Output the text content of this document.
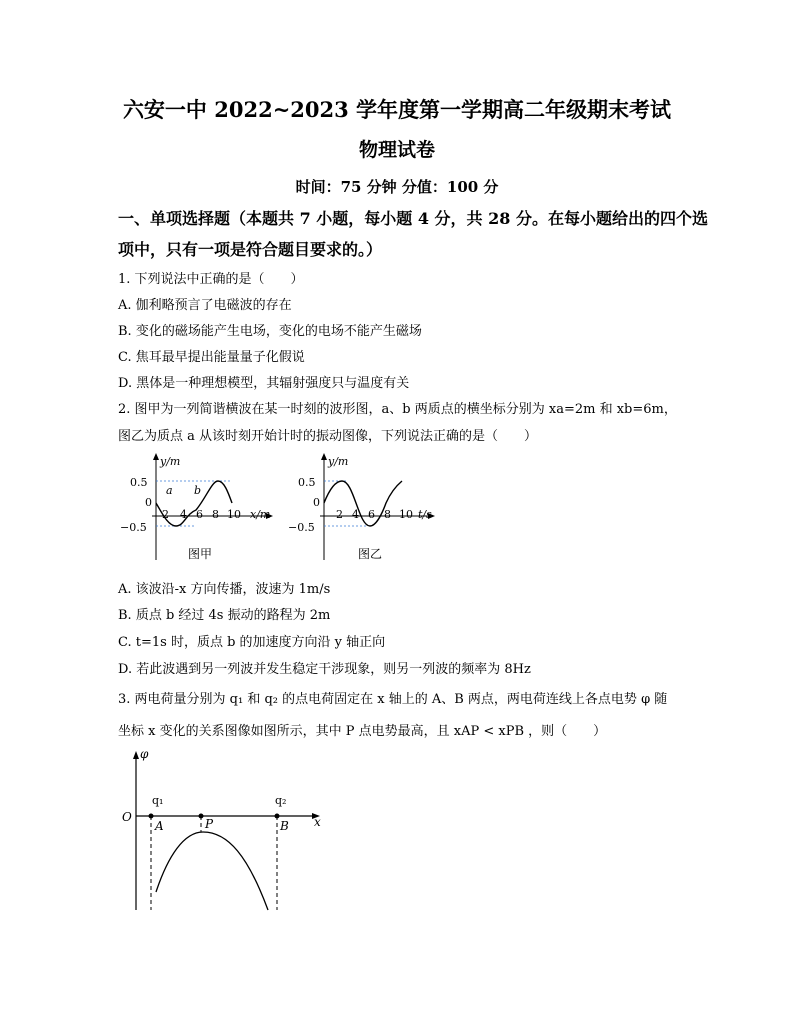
六安一中 2022~2023 学年度第一学期高二年级期末考试
物理试卷
时间：75 分钟 分值：100 分
一、单项选择题（本题共 7 小题，每小题 4 分，共 28 分。在每小题给出的四个选
项中，只有一项是符合题目要求的。）
1. 下列说法中正确的是（　　）
A. 伽利略预言了电磁波的存在
B. 变化的磁场能产生电场，变化的电场不能产生磁场
C. 焦耳最早提出能量量子化假说
D. 黑体是一种理想模型，其辐射强度只与温度有关
2. 图甲为一列简谐横波在某一时刻的波形图，a、b 两质点的横坐标分别为 xa=2m 和 xb=6m，
图乙为质点 a 从该时刻开始计时的振动图像，下列说法正确的是（　　）
y/m
x/m
0.5
0
−0.5
2 4 6 8 10
a b
图甲
y/m
t/s
0.5
0
−0.5
2 4 6 8 10
图乙
A. 该波沿-x 方向传播，波速为 1m/s
B. 质点 b 经过 4s 振动的路程为 2m
C. t=1s 时，质点 b 的加速度方向沿 y 轴正向
D. 若此波遇到另一列波并发生稳定干涉现象，则另一列波的频率为 8Hz
3. 两电荷量分别为 q₁ 和 q₂ 的点电荷固定在 x 轴上的 A、B 两点，两电荷连线上各点电势 φ 随
坐标 x 变化的关系图像如图所示，其中 P 点电势最高，且 xAP < xPB ，则（　　）
φ
x
O
q₁	q₂
A	P	B
